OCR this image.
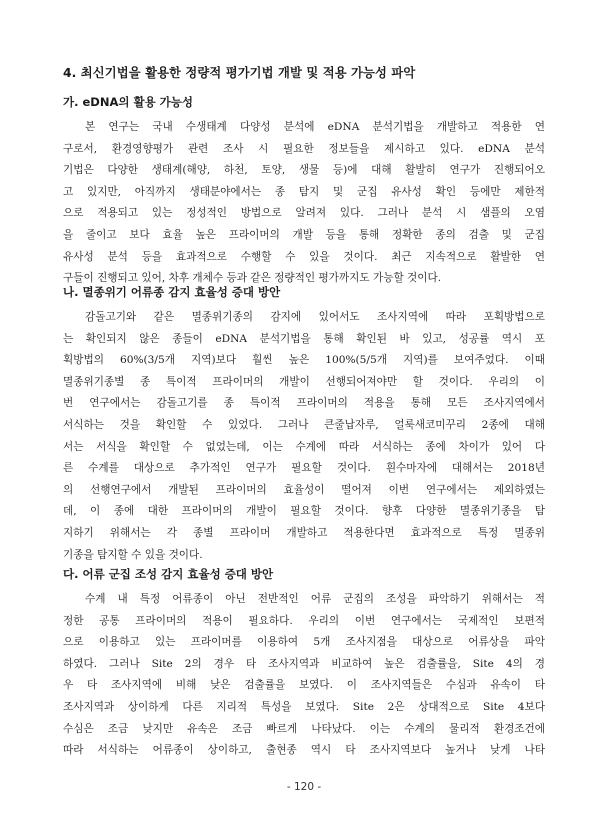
4. 최신기법을 활용한 정량적 평가기법 개발 및 적용 가능성 파악
가. eDNA의 활용 가능성
본 연구는 국내 수생태계 다양성 분석에 eDNA 분석기법을 개발하고 적용한 연
구로서, 환경영향평가 관련 조사 시 필요한 정보들을 제시하고 있다. eDNA 분석
기법은 다양한 생태계(해양, 하천, 토양, 생물 등)에 대해 활발히 연구가 진행되어오
고 있지만, 아직까지 생태분야에서는 종 탐지 및 군집 유사성 확인 등에만 제한적
으로 적용되고 있는 정성적인 방법으로 알려져 있다. 그러나 분석 시 샘플의 오염
을 줄이고 보다 효율 높은 프라이머의 개발 등을 통해 정확한 종의 검출 및 군집
유사성 분석 등을 효과적으로 수행할 수 있을 것이다. 최근 지속적으로 활발한 연
구들이 진행되고 있어, 차후 개체수 등과 같은 정량적인 평가까지도 가능할 것이다.
나. 멸종위기 어류종 감지 효율성 증대 방안
감돌고기와 같은 멸종위기종의 감지에 있어서도 조사지역에 따라 포획방법으로
는 확인되지 않은 종들이 eDNA 분석기법을 통해 확인된 바 있고, 성공률 역시 포
획방법의 60%(3/5개 지역)보다 훨씬 높은 100%(5/5개 지역)를 보여주었다. 이때
멸종위기종별 종 특이적 프라이머의 개발이 선행되어져야만 할 것이다. 우리의 이
번 연구에서는 감돌고기를 종 특이적 프라이머의 적용을 통해 모든 조사지역에서
서식하는 것을 확인할 수 있었다. 그러나 큰줄납자루, 얼룩새코미꾸리 2종에 대해
서는 서식을 확인할 수 없었는데, 이는 수계에 따라 서식하는 종에 차이가 있어 다
른 수계를 대상으로 추가적인 연구가 필요할 것이다. 흰수마자에 대해서는 2018년
의 선행연구에서 개발된 프라이머의 효율성이 떨어져 이번 연구에서는 제외하였는
데, 이 종에 대한 프라이머의 개발이 필요할 것이다. 향후 다양한 멸종위기종을 탐
지하기 위해서는 각 종별 프라이머 개발하고 적용한다면 효과적으로 특정 멸종위
기종을 탐지할 수 있을 것이다.
다. 어류 군집 조성 감지 효율성 증대 방안
수계 내 특정 어류종이 아닌 전반적인 어류 군집의 조성을 파악하기 위해서는 적
정한 공통 프라이머의 적용이 필요하다. 우리의 이번 연구에서는 국제적인 보편적
으로 이용하고 있는 프라이머를 이용하여 5개 조사지점을 대상으로 어류상을 파악
하였다. 그러나 Site 2의 경우 타 조사지역과 비교하여 높은 검출률을, Site 4의 경
우 타 조사지역에 비해 낮은 검출률을 보였다. 이 조사지역들은 수심과 유속이 타
조사지역과 상이하게 다른 지리적 특성을 보였다. Site 2은 상대적으로 Site 4보다
수심은 조금 낮지만 유속은 조금 빠르게 나타났다. 이는 수계의 물리적 환경조건에
따라 서식하는 어류종이 상이하고, 출현종 역시 타 조사지역보다 높거나 낮게 나타
- 120 -
